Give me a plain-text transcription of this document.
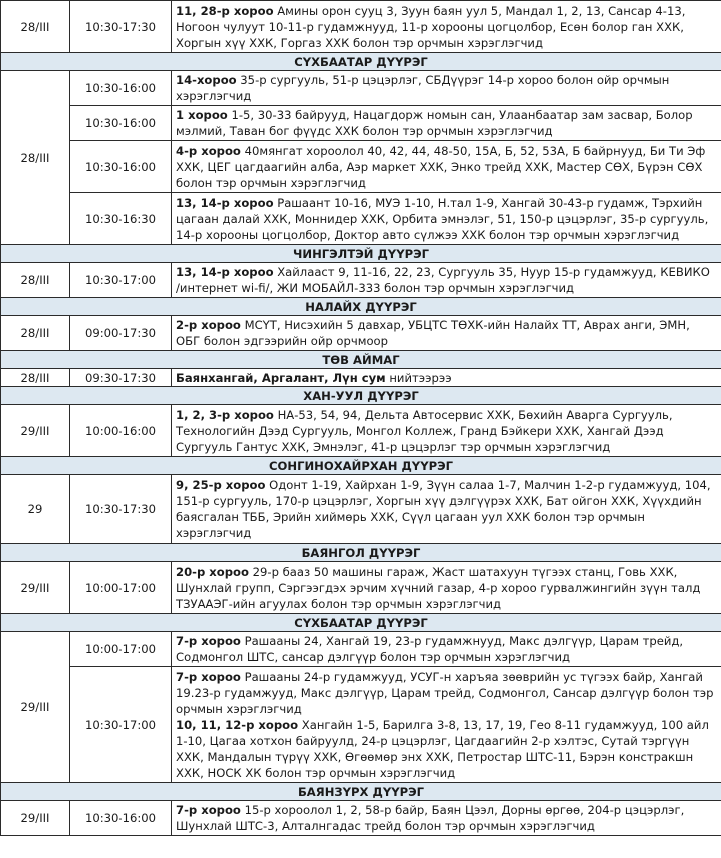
28/III	10:30-17:30	11, 28-р хороо Амины орон сууц 3, Зуун баян уул 5, Мандал 1, 2, 13, Сансар 4-13, Ногоон чулуут 10-11-р гудамжнууд, 11-р хорооны цогцолбор, Есөн болор ган ХХК, Хоргын хүү ХХК, Горгаз ХХК болон тэр орчмын хэрэглэгчид
СҮХБААТАР ДҮҮРЭГ		
28/III	10:30-16:00	14-хороо 35-р сургууль, 51-р цэцэрлэг, СБДүүрэг 14-р хороо болон ойр орчмын хэрэглэгчид
	10:30-16:00	1 хороо 1-5, 30-33 байрууд, Нацагдорж номын сан, Улаанбаатар зам засвар, Болор мэлмий, Таван бог фүүдс ХХК болон тэр орчмын хэрэглэгчид
	10:30-16:00	4-р хороо 40мянгат хороолол 40, 42, 44, 48-50, 15А, Б, 52, 53А, Б байрнууд, Би Ти Эф ХХК, ЦЕГ цагдаагийн алба, Аэр маркет ХХК, Энко трейд ХХК, Мастер СӨХ, Бүрэн СӨХ болон тэр орчмын хэрэглэгчид
	10:30-16:30	13, 14-р хороо Рашаант 10-16, МУЭ 1-10, Н.тал 1-9, Хангай 30-43-р гудамж, Тэрхийн цагаан далай ХХК, Моннидер ХХК, Орбита эмнэлэг, 51, 150-р цэцэрлэг, 35-р сургууль, 14-р хорооны цогцолбор, Доктор авто сүлжээ ХХК болон тэр орчмын хэрэглэгчид
ЧИНГЭЛТЭЙ ДҮҮРЭГ		
28/III	10:30-17:00	13, 14-р хороо Хайлааст 9, 11-16, 22, 23, Сургууль 35, Нуур 15-р гудамжууд, КЕВИКО /интернет wi-fi/, ЖИ МОБАЙЛ-333 болон тэр орчмын хэрэглэгчид
НАЛАЙХ ДҮҮРЭГ		
28/III	09:00-17:30	2-р хороо МСҮТ, Нисэхийн 5 давхар, УБЦТС ТӨХК-ийн Налайх ТТ, Аврах анги, ЭМН, ОБГ болон эдгээрийн ойр орчмоор
ТӨВ АЙМАГ		
28/III	09:30-17:30	Баянхангай, Аргалант, Лүн сум нийтээрээ
ХАН-УУЛ ДҮҮРЭГ		
29/III	10:00-16:00	1, 2, 3-р хороо НА-53, 54, 94, Дельта Автосервис ХХК, Бөхийн Аварга Сургууль, Технологийн Дээд Сургууль, Монгол Коллеж, Гранд Бэйкери ХХК, Хангай Дээд Сургууль Гантус ХХК, Эмнэлэг, 41-р цэцэрлэг тэр орчмын хэрэглэгчид
СОНГИНОХАЙРХАН ДҮҮРЭГ		
29	10:30-17:30	9, 25-р хороо Одонт 1-19, Хайрхан 1-9, Зүүн салаа 1-7, Малчин 1-2-р гудамжууд, 104, 151-р сургууль, 170-р цэцэрлэг, Хоргын хүү дэлгүүрэх ХХК, Бат ойгон ХХК, Хүүхдийн баясгалан ТББ, Эрийн хиймөрь ХХК, Сүүл цагаан уул ХХК болон тэр орчмын хэрэглэгчид
БАЯНГОЛ ДҮҮРЭГ		
29/III	10:00-17:00	20-р хороо 29-р бааз 50 машины гараж, Жаст шатахуун түгээх станц, Говь ХХК, Шунхлай групп, Сэргээгдэх эрчим хүчний газар, 4-р хороо гурвалжингийн зүүн талд ТЗУААЭГ-ийн агуулах болон тэр орчмын хэрэглэгчид
СҮХБААТАР ДҮҮРЭГ		
29/III	10:00-17:00	7-р хороо Рашааны 24, Хангай 19, 23-р гудамжнууд, Макс дэлгүүр, Царам трейд, Содмонгол ШТС, сансар дэлгүүр болон тэр орчмын хэрэглэгчид
	10:30-17:00	7-р хороо Рашааны 24-р гудамжууд, УСУГ-н харъяа зөөврийн ус түгээх байр, Хангай 19.23-р гудамжууд, Макс дэлгүүр, Царам трейд, Содмонгол, Сансар дэлгүүр болон тэр орчмын хэрэглэгчид
10, 11, 12-р хороо Хангайн 1-5, Барилга 3-8, 13, 17, 19, Гео 8-11 гудамжууд, 100 айл 1-10, Цагаа хотхон байруулд, 24-р цэцэрлэг, Цагдаагийн 2-р хэлтэс, Сутай тэргүүн ХХК, Мандалын түрүү ХХК, Өгөөмөр энх ХХК, Петростар ШТС-11, Бэрэн констракшн ХХК, НОСК ХК болон тэр орчмын хэрэглэгчид
БАЯНЗҮРХ ДҮҮРЭГ		
29/III	10:30-16:00	7-р хороо 15-р хороолол 1, 2, 58-р байр, Баян Цээл, Дорны өргөө, 204-р цэцэрлэг, Шунхлай ШТС-3, Алталнгадас трейд болон тэр орчмын хэрэглэгчид
